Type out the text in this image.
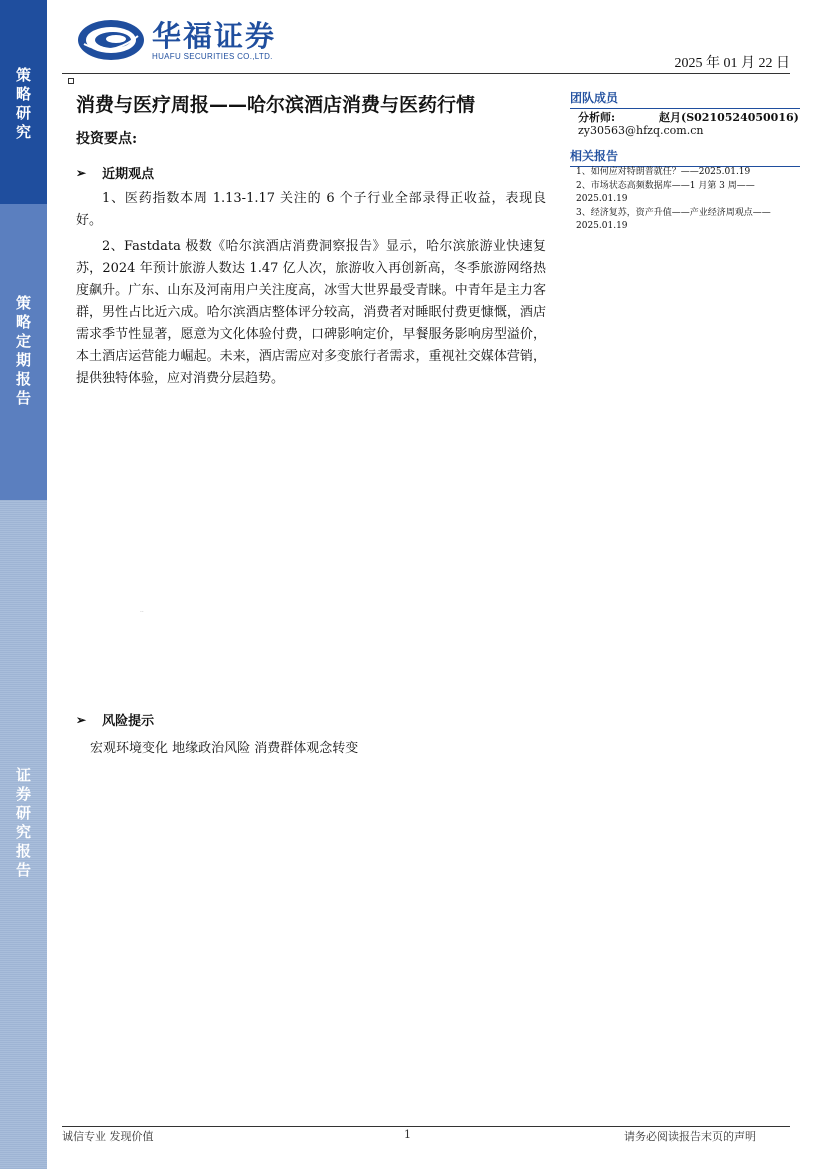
策
略
研
究
策
略
定
期
报
告
证
券
研
究
报
告
华福证券
HUAFU SECURITIES CO.,LTD.	2025 年 01 月 22 日
消费与医疗周报——哈尔滨酒店消费与医药行情
投资要点:
➢ 近期观点
1、医药指数本周 1.13-1.17 关注的 6 个子行业全部录得正收益，表现良好。
2、Fastdata 极数《哈尔滨酒店消费洞察报告》显示，哈尔滨旅游业快速复苏，2024 年预计旅游人数达 1.47 亿人次，旅游收入再创新高，冬季旅游网络热度飙升。广东、山东及河南用户关注度高，冰雪大世界最受青睐。中青年是主力客群，男性占比近六成。哈尔滨酒店整体评分较高，消费者对睡眠付费更慷慨，酒店需求季节性显著，愿意为文化体验付费，口碑影响定价，早餐服务影响房型溢价，本土酒店运营能力崛起。未来，酒店需应对多变旅行者需求，重视社交媒体营销，提供独特体验，应对消费分层趋势。
··
➢ 风险提示
宏观环境变化 地缘政治风险 消费群体观念转变
团队成员
分析师:	赵月(S0210524050016)
zy30563@hfzq.com.cn
相关报告
1、如何应对特朗普就任？——2025.01.19
2、市场状态高频数据库——1 月第 3 周——2025.01.19
3、经济复苏，资产升值——产业经济周观点——2025.01.19
诚信专业 发现价值	1	请务必阅读报告末页的声明
